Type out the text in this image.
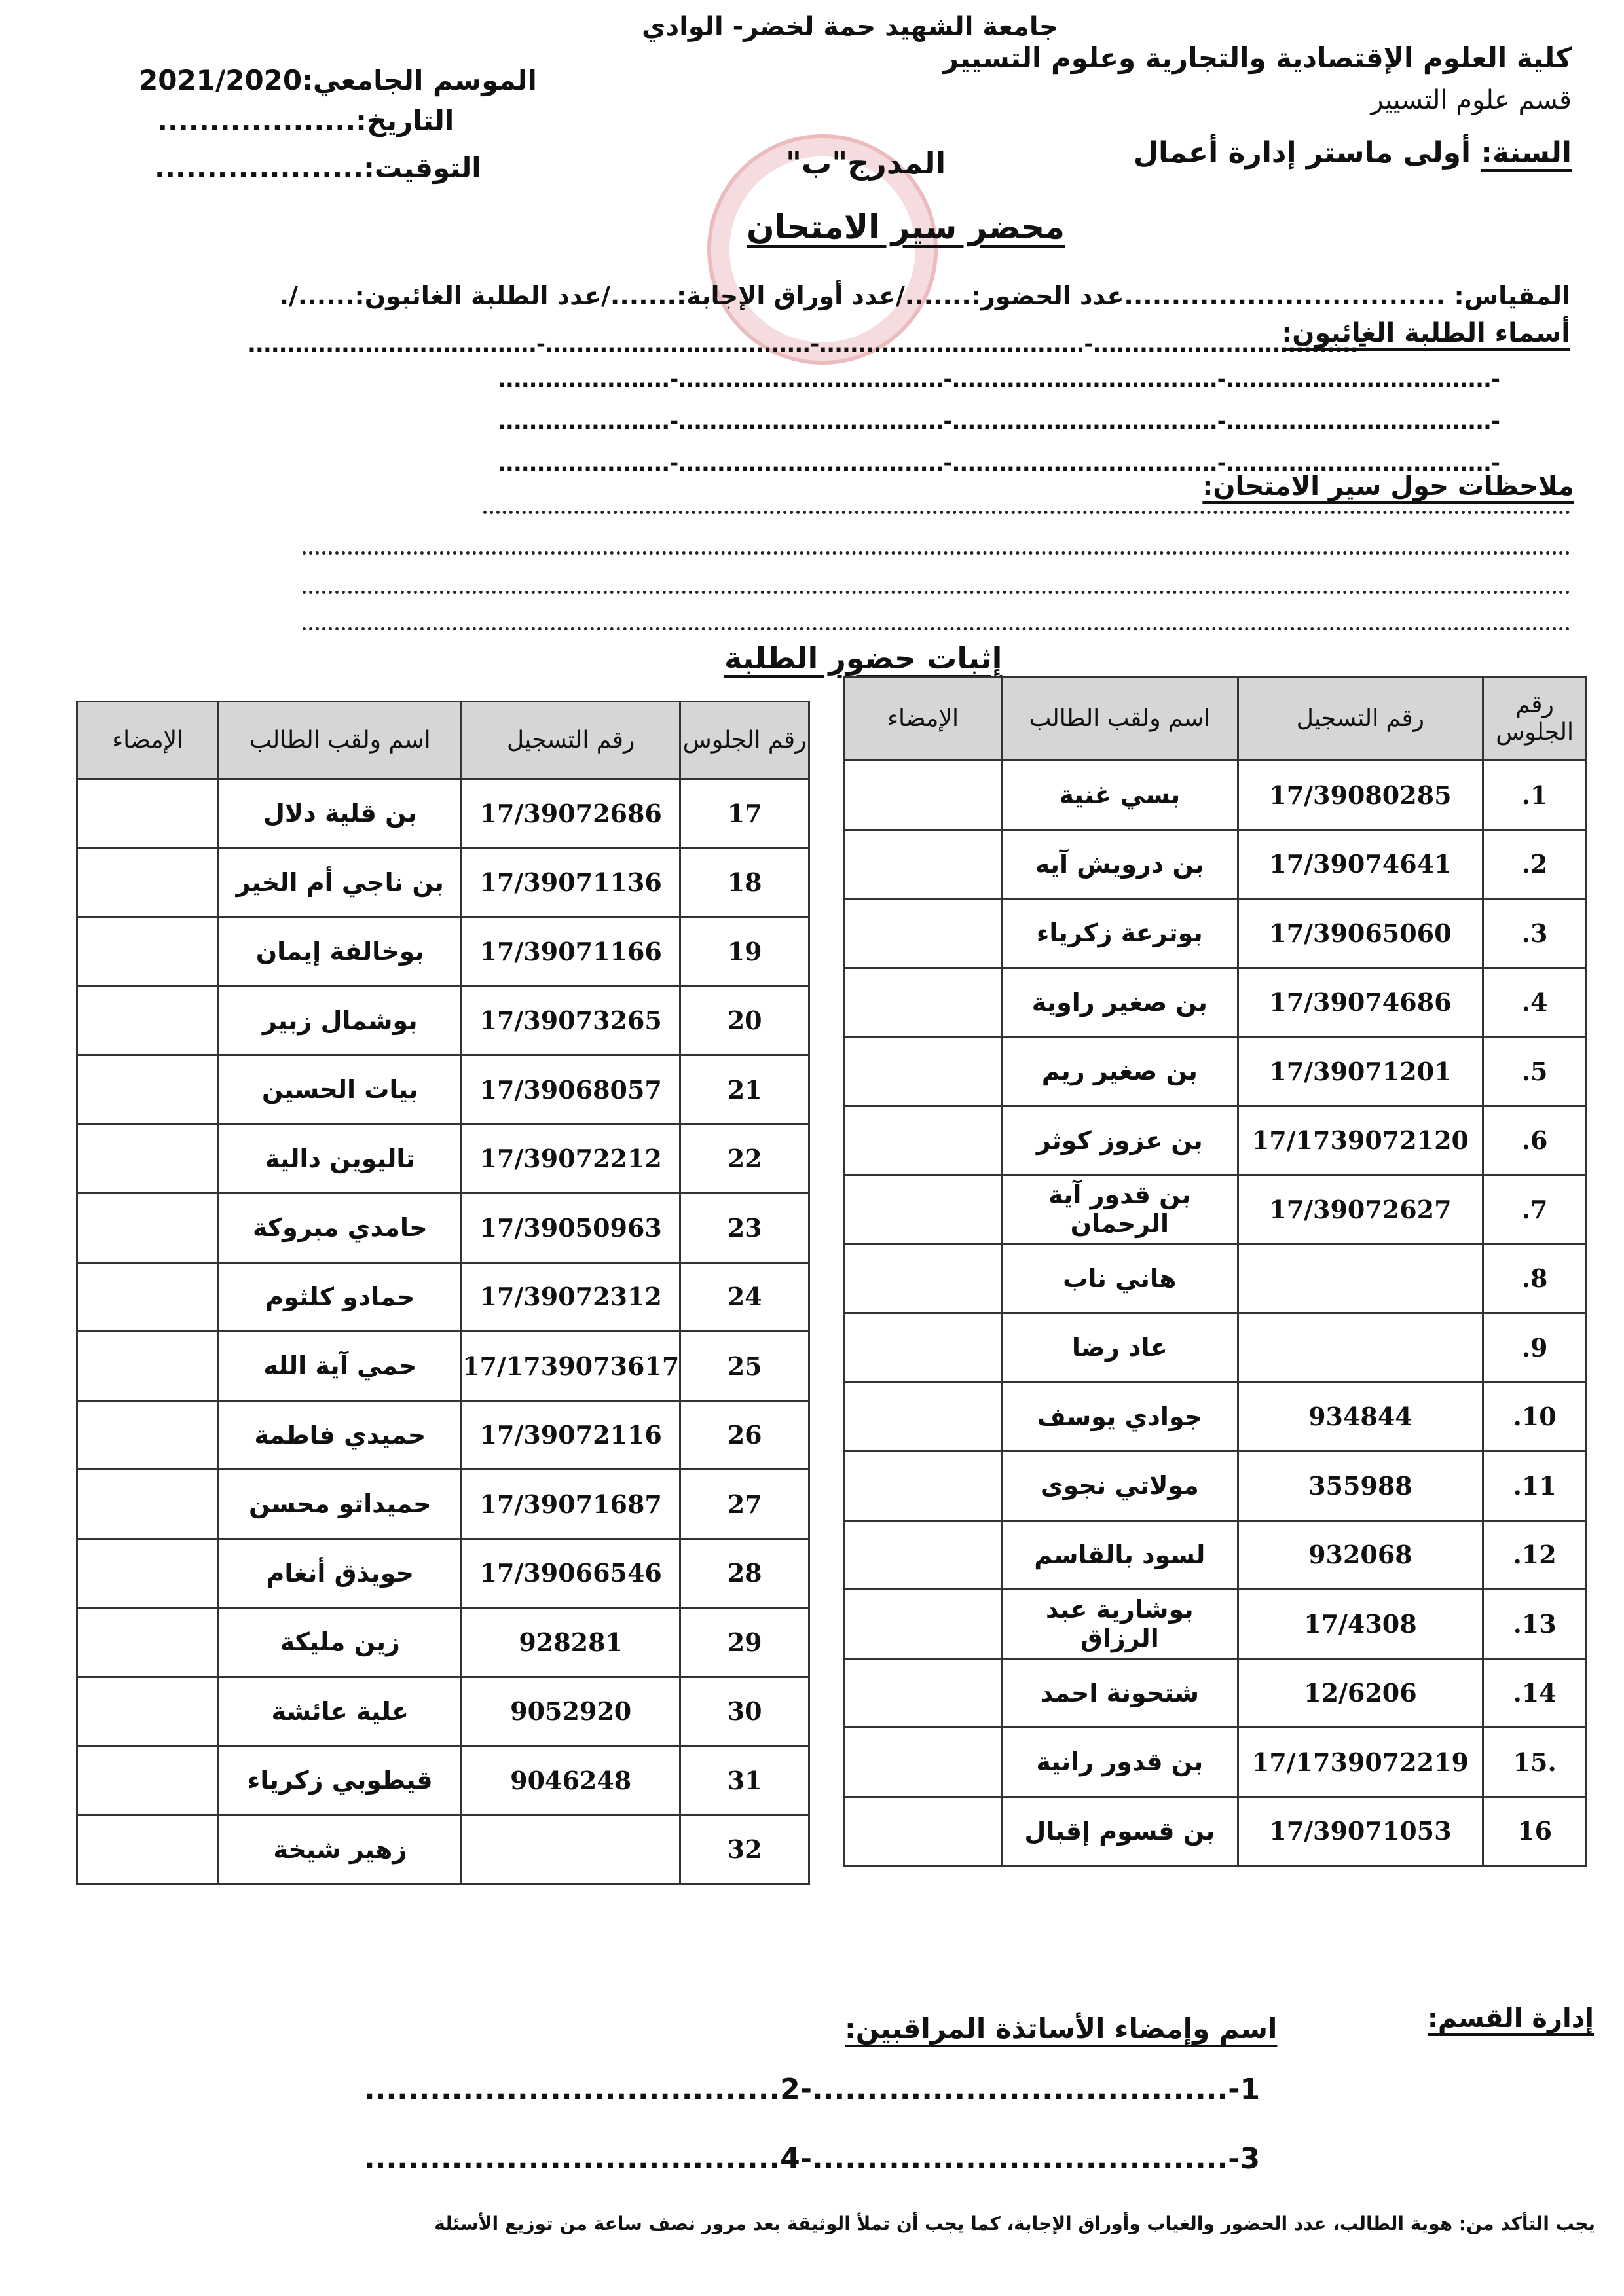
جامعة الشهيد حمة لخضر- الوادي
كلية العلوم الإقتصادية والتجارية وعلوم التسيير
قسم علوم التسيير
السنة: أولى ماستر إدارة أعمال
الموسم الجامعي:2021/2020
التاريخ:...................
التوقيت:....................	المدرج"ب"
محضر سير الامتحان
المقياس: ..................................عدد الحضور:......./عدد أوراق الإجابة:......./عدد الطلبة الغائبون:....../.
أسماء الطلبة الغائبون:
-..................................-..................................-..................................-.....................................
-..................................-..................................-..................................-......................
-..................................-..................................-..................................-......................
-..................................-..................................-..................................-......................
ملاحظات حول سير الامتحان:
إثبات حضور الطلبة
رقم الجلوس	رقم التسجيل	اسم ولقب الطالب	الإمضاء
1.	17/39080285	بسي غنية	
2.	17/39074641	بن درويش آيه	
3.	17/39065060	بوترعة زكرياء	
4.	17/39074686	بن صغير راوية	
5.	17/39071201	بن صغير ريم	
6.	17/1739072120	بن عزوز كوثر	
7.	17/39072627	بن قدور آية الرحمان	
8.		هاني ناب	
9.		عاد رضا	
10.	934844	جوادي يوسف	
11.	355988	مولاتي نجوى	
12.	932068	لسود بالقاسم	
13.	17/4308	بوشارية عبد الرزاق	
14.	12/6206	شتحونة احمد	
.15	17/1739072219	بن قدور رانية	
16	17/39071053	بن قسوم إقبال	
رقم الجلوس	رقم التسجيل	اسم ولقب الطالب	الإمضاء
17	17/39072686	بن قلية دلال	
18	17/39071136	بن ناجي أم الخير	
19	17/39071166	بوخالفة إيمان	
20	17/39073265	بوشمال زبير	
21	17/39068057	بيات الحسين	
22	17/39072212	تاليوين دالية	
23	17/39050963	حامدي مبروكة	
24	17/39072312	حمادو كلثوم	
25	17/1739073617	حمي آية الله	
26	17/39072116	حميدي فاطمة	
27	17/39071687	حميداتو محسن	
28	17/39066546	حويذق أنغام	
29	928281	زين مليكة	
30	9052920	علية عائشة	
31	9046248	قيطوبي زكرياء	
32		زهير شيخة	
إدارة القسم:
اسم وإمضاء الأساتذة المراقبين:
1-......................................-2......................................
3-......................................-4......................................
يجب التأكد من: هوية الطالب، عدد الحضور والغياب وأوراق الإجابة، كما يجب أن تملأ الوثيقة بعد مرور نصف ساعة من توزيع الأسئلة
